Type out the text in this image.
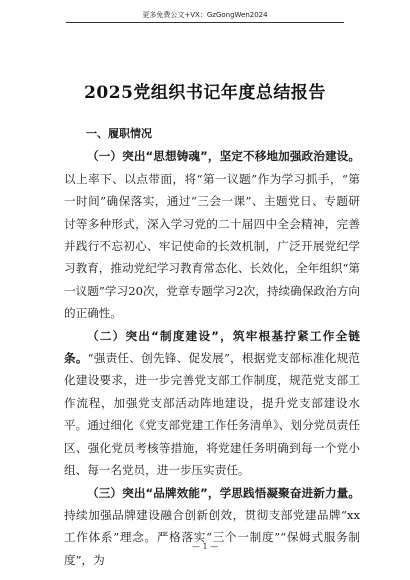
更多免费公文+VX：GzGongWen2024
2025党组织书记年度总结报告

一、履职情况

（一）突出“思想铸魂”，坚定不移地加强政治建设。以上率下、以点带面，将“第一议题”作为学习抓手，“第一时间”确保落实，通过“三会一课”、主题党日、专题研讨等多种形式，深入学习党的二十届四中全会精神，完善并践行不忘初心、牢记使命的长效机制，广泛开展党纪学习教育，推动党纪学习教育常态化、长效化，全年组织“第一议题”学习20次，党章专题学习2次，持续确保政治方向的正确性。

（二）突出“制度建设”，筑牢根基拧紧工作全链条。“强责任、创先锋、促发展”，根据党支部标准化规范化建设要求，进一步完善党支部工作制度，规范党支部工作流程，加强党支部活动阵地建设，提升党支部建设水平。通过细化《党支部党建工作任务清单》、划分党员责任区、强化党员考核等措施，将党建任务明确到每一个党小组、每一名党员，进一步压实责任。

（三）突出“品牌效能”，学思践悟凝聚奋进新力量。持续加强品牌建设融合创新创效，贯彻支部党建品牌“xx工作体系”理念。严格落实“三个一制度”“保姆式服务制度”，为

— 1 —
